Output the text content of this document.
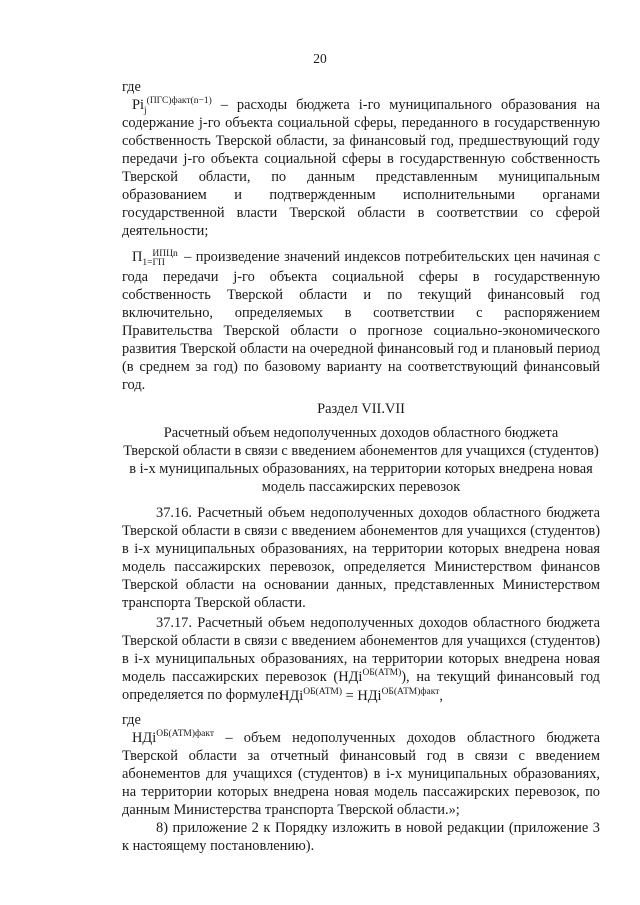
20

где

$Pi_j^{(ПГС)факт(n-1)}$ – расходы бюджета i-го муниципального образования на содержание j-го объекта социальной сферы, переданного в государственную собственность Тверской области, за финансовый год, предшествующий году передачи j-го объекта социальной сферы в государственную собственность Тверской области, по данным представленным муниципальным образованием и подтвержденным исполнительными органами государственной власти Тверской области в соответствии со сферой деятельности;

П ИПЦn
1=ГП – произведение значений индексов потребительских цен начиная с года передачи j-го объекта социальной сферы в государственную собственность Тверской области и по текущий финансовый год включительно, определяемых в соответствии с распоряжением Правительства Тверской области о прогнозе социально-экономического развития Тверской области на очередной финансовый год и плановый период (в среднем за год) по базовому варианту на соответствующий финансовый год.

Раздел VII.VII

Расчетный объем недополученных доходов областного бюджета

Тверской области в связи с введением абонементов для учащихся (студентов)

в i-х муниципальных образованиях, на территории которых внедрена новая

модель пассажирских перевозок

37.16. Расчетный объем недополученных доходов областного бюджета Тверской области в связи с введением абонементов для учащихся (студентов) в i-х муниципальных образованиях, на территории которых внедрена новая модель пассажирских перевозок, определяется Министерством финансов Тверской области на основании данных, представленных Министерством транспорта Тверской области.

37.17. Расчетный объем недополученных доходов областного бюджета Тверской области в связи с введением абонементов для учащихся (студентов) в i-х муниципальных образованиях, на территории которых внедрена новая модель пассажирских перевозок (НДi$^{ОБ(АТМ)}$), на текущий финансовый год определяется по формуле:

НДi$^{ОБ(АТМ)}$ = НДi$^{ОБ(АТМ)факт}$,

где

НДi$^{ОБ(АТМ)факт}$ – объем недополученных доходов областного бюджета Тверской области за отчетный финансовый год в связи с введением абонементов для учащихся (студентов) в i-х муниципальных образованиях, на территории которых внедрена новая модель пассажирских перевозок, по данным Министерства транспорта Тверской области.»;

8) приложение 2 к Порядку изложить в новой редакции (приложение 3 к настоящему постановлению).
